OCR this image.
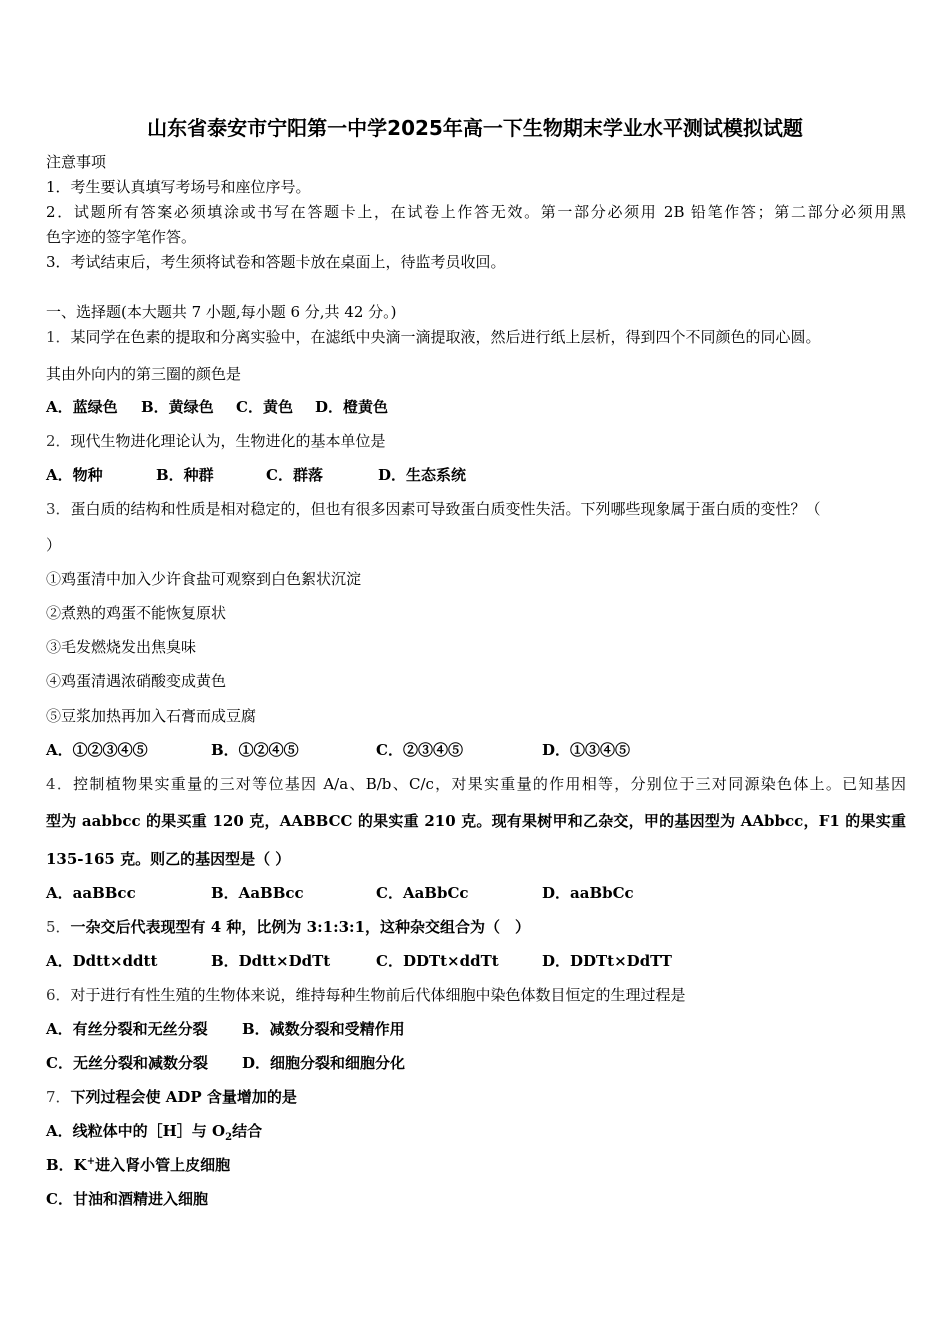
山东省泰安市宁阳第一中学2025年高一下生物期末学业水平测试模拟试题
注意事项
1．考生要认真填写考场号和座位序号。
2．试题所有答案必须填涂或书写在答题卡上，在试卷上作答无效。第一部分必须用 2B 铅笔作答；第二部分必须用黑
色字迹的签字笔作答。
3．考试结束后，考生须将试卷和答题卡放在桌面上，待监考员收回。
一、选择题(本大题共 7 小题,每小题 6 分,共 42 分。)
1．某同学在色素的提取和分离实验中，在滤纸中央滴一滴提取液，然后进行纸上层析，得到四个不同颜色的同心圆。
其由外向内的第三圈的颜色是
A．蓝绿色 B．黄绿色 C．黄色 D．橙黄色
2．现代生物进化理论认为，生物进化的基本单位是
A．物种	B．种群	C．群落	D．生态系统
3．蛋白质的结构和性质是相对稳定的，但也有很多因素可导致蛋白质变性失活。下列哪些现象属于蛋白质的变性？（
）
①鸡蛋清中加入少许食盐可观察到白色絮状沉淀
②煮熟的鸡蛋不能恢复原状
③毛发燃烧发出焦臭味
④鸡蛋清遇浓硝酸变成黄色
⑤豆浆加热再加入石膏而成豆腐
A．①②③④⑤	B．①②④⑤	C．②③④⑤	D．①③④⑤
4．控制植物果实重量的三对等位基因 A/a、B/b、C/c，对果实重量的作用相等，分别位于三对同源染色体上。已知基因
型为 aabbcc 的果买重 120 克，AABBCC 的果实重 210 克。现有果树甲和乙杂交，甲的基因型为 AAbbcc，F1 的果实重
135-165 克。则乙的基因型是（ ）
A．aaBBcc	B．AaBBcc	C．AaBbCc	D．aaBbCc
5．一杂交后代表现型有 4 种，比例为 3:1:3:1，这种杂交组合为（　）
A．Ddtt×ddtt	B．Ddtt×DdTt	C．DDTt×ddTt	D．DDTt×DdTT
6．对于进行有性生殖的生物体来说，维持每种生物前后代体细胞中染色体数目恒定的生理过程是
A．有丝分裂和无丝分裂 B．减数分裂和受精作用
C．无丝分裂和减数分裂 D．细胞分裂和细胞分化
7．下列过程会使 ADP 含量增加的是
A．线粒体中的［H］与 $O_2$结合
B．K+进入肾小管上皮细胞
C．甘油和酒精进入细胞
